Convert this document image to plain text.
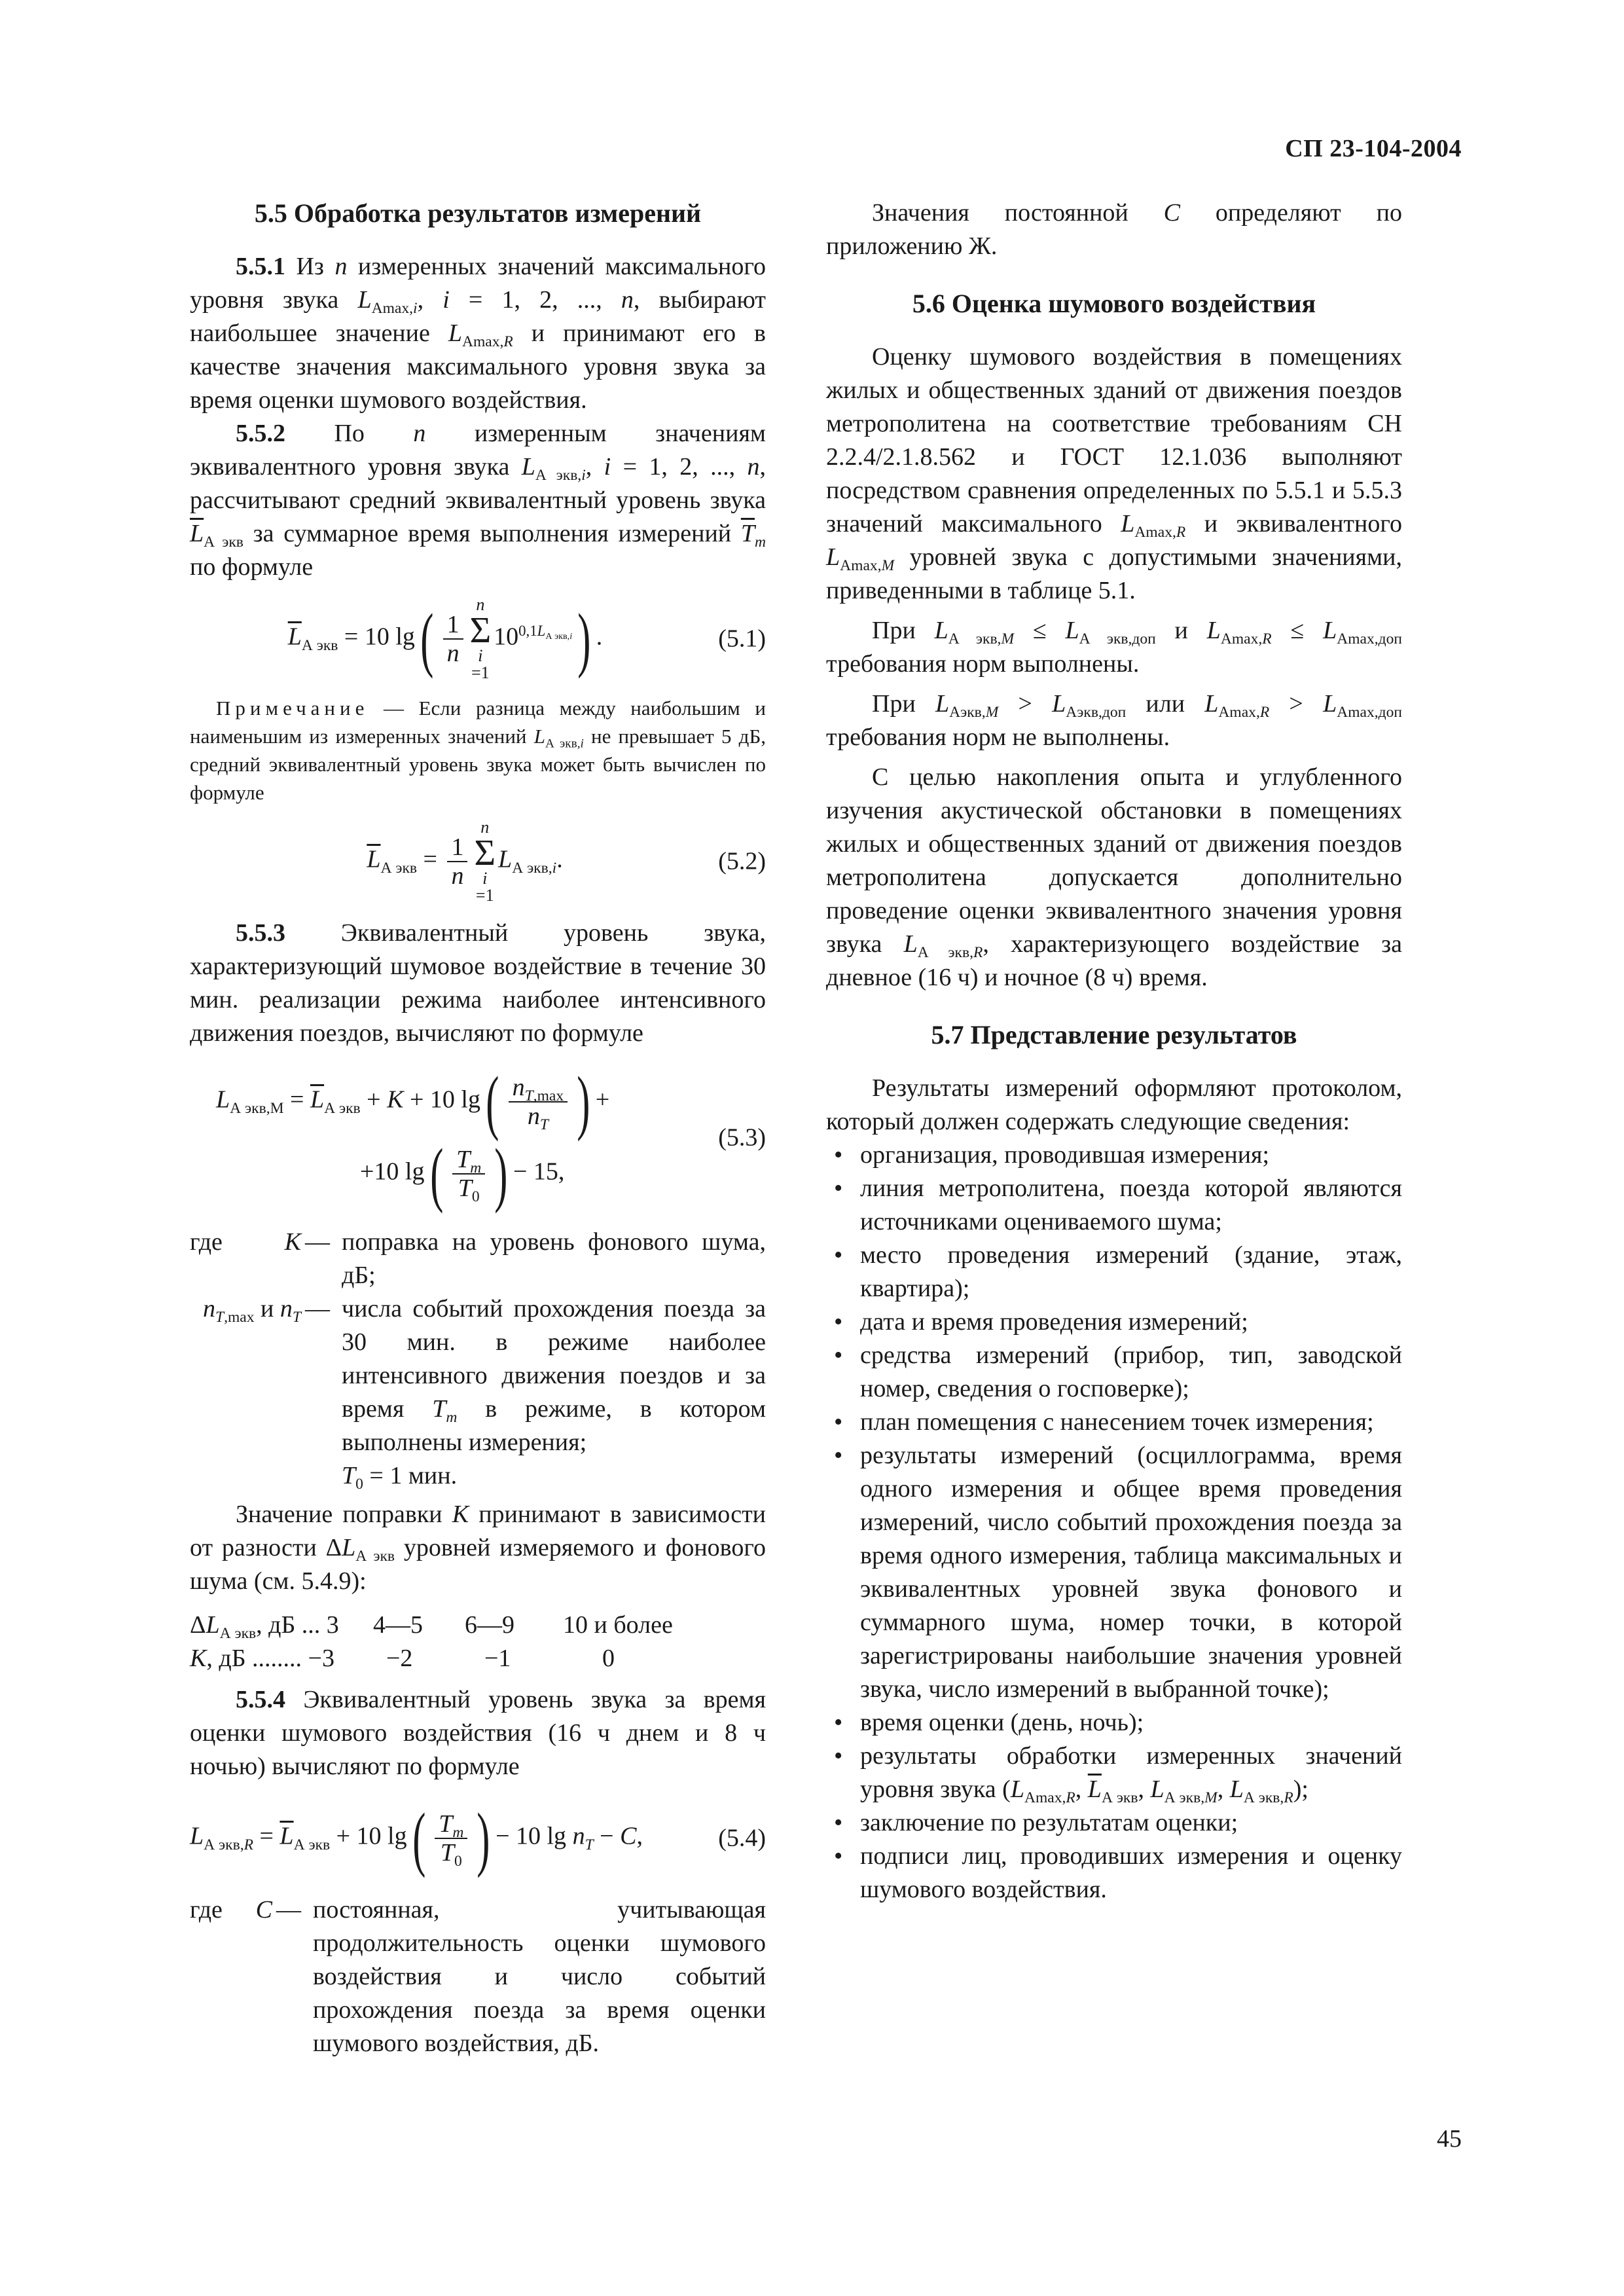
СП 23-104-2004
5.5 Обработка результатов измерений

5.5.1 Из n измеренных значений максимального уровня звука $L_{Amax,i}$, i = 1, 2, ..., n, выбирают наибольшее значение $L_{Amax,R}$ и принимают его в качестве значения максимального уровня звука за время оценки шумового воздействия.

5.5.2 По n измеренным значениям эквивалентного уровня звука $L_{А экв,i}$, i = 1, 2, ..., n, рассчитывают средний эквивалентный уровень звука $\overline{L}_{А экв}$ за суммарное время выполнения измерений $\overline{T}_m$ по формуле

$\overline{L}_{А экв} = 10$ $\lg( \frac{1}{n}$
n
Σ
i
$=110^{0,1L_{А экв,i}}$) .	(5.1)
Примечание — Если разница между наибольшим и наименьшим из измеренных значений $L_{А экв,i}$ не превышает 5 дБ, средний эквивалентный уровень звука может быть вычислен по формуле
$\overline{L}_{А экв} = \frac{1}{n}$
n
Σ
i
$=1L_{А экв,i}$.	(5.2)

5.5.3 Эквивалентный уровень звука, характеризующий шумовое воздействие в течение 30 мин. реализации режима наиболее интенсивного движения поездов, вычисляют по формуле

$L_{А экв,М} = \overline{L}_{А экв} + K + 10$ $\lg( \frac{n_{T,max}}{n_T}$ ) +
+10 $\lg( \frac{T_m}{T_0}$ ) − 15,
(5.3)
где	K — поправка на уровень фонового шума, дБ;
$n_{T,max}$ и $n_T$ — числа событий прохождения поезда за 30 мин. в режиме наиболее интенсивного движения поездов и за время $T_m$ в режиме, в котором выполнены измерения;
$T_0 = 1$ мин.

Значение поправки K принимают в зависимости от разности $\Delta L_{А экв}$ уровней измеряемого и фонового шума (см. 5.4.9):

$\Delta L_{А экв}$, дБ ... 3	4—5	6—9	10 и более
K, дБ ........ −3	−2	−1	0

5.5.4 Эквивалентный уровень звука за время оценки шумового воздействия (16 ч днем и 8 ч ночью) вычисляют по формуле

$L_{А экв,R} = \overline{L}_{А экв} + 10$ $\lg( \frac{T_m}{T_0}$ ) − 10 $\lg n_T - C$,	(5.4)
где	C — постоянная, учитывающая продолжительность оценки шумового воздействия и число событий прохождения поезда за время оценки шумового воздействия, дБ.

Значения постоянной C определяют по приложению Ж.

5.6 Оценка шумового воздействия

Оценку шумового воздействия в помещениях жилых и общественных зданий от движения поездов метрополитена на соответствие требованиям СН 2.2.4/2.1.8.562 и ГОСТ 12.1.036 выполняют посредством сравнения определенных по 5.5.1 и 5.5.3 значений максимального $L_{Amax,R}$ и эквивалентного $L_{Amax,M}$ уровней звука с допустимыми значениями, приведенными в таблице 5.1.

При $L_{А экв,M} \le L_{А экв,доп}$ и $L_{Amax,R} \le L_{Amax,доп}$ требования норм выполнены.

При $L_{Аэкв,M} > L_{Аэкв,доп}$ или $L_{Amax,R} > L_{Amax,доп}$ требования норм не выполнены.

С целью накопления опыта и углубленного изучения акустической обстановки в помещениях жилых и общественных зданий от движения поездов метрополитена допускается дополнительно проведение оценки эквивалентного значения уровня звука $L_{А экв,R}$, характеризующего воздействие за дневное (16 ч) и ночное (8 ч) время.

5.7 Представление результатов

Результаты измерений оформляют протоколом, который должен содержать следующие сведения:

• организация, проводившая измерения;
• линия метрополитена, поезда которой являются источниками оцениваемого шума;
• место проведения измерений (здание, этаж, квартира);
• дата и время проведения измерений;
• средства измерений (прибор, тип, заводской номер, сведения о госповерке);
• план помещения с нанесением точек измерения;
• результаты измерений (осциллограмма, время одного измерения и общее время проведения измерений, число событий прохождения поезда за время одного измерения, таблица максимальных и эквивалентных уровней звука фонового и суммарного шума, номер точки, в которой зарегистрированы наибольшие значения уровней звука, число измерений в выбранной точке);
• время оценки (день, ночь);
• результаты обработки измеренных значений уровня звука ($L_{Amax,R}$, $\overline{L}_{А экв}$, $L_{А экв,M}$, $L_{А экв,R}$);
• заключение по результатам оценки;
• подписи лиц, проводивших измерения и оценку шумового воздействия.
45
